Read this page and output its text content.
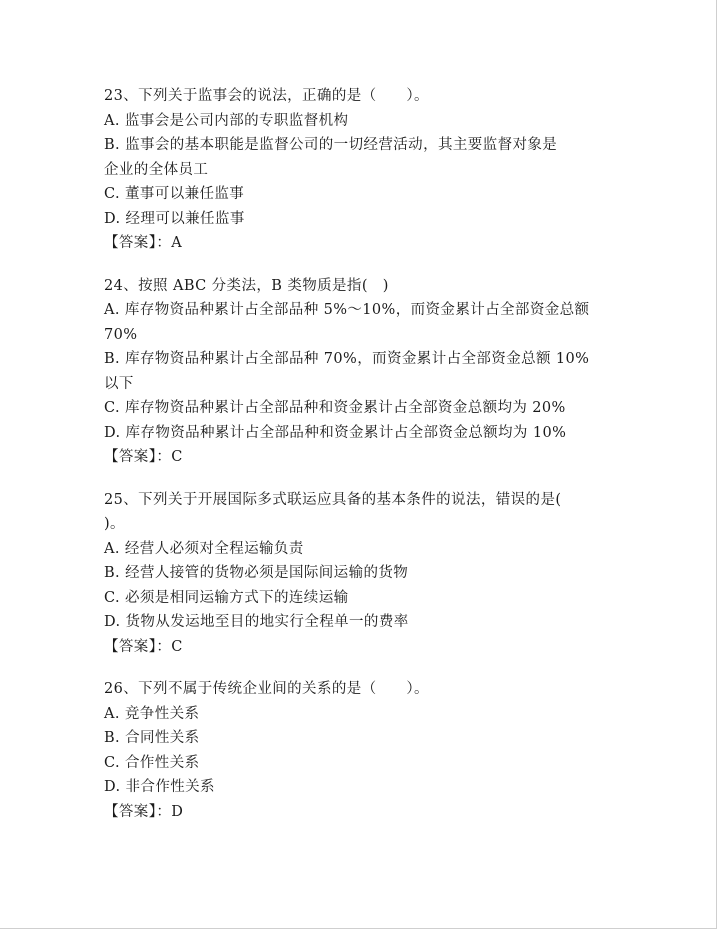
23、下列关于监事会的说法，正确的是（　　）。
A. 监事会是公司内部的专职监督机构
B. 监事会的基本职能是监督公司的一切经营活动，其主要监督对象是
企业的全体员工
C. 董事可以兼任监事
D. 经理可以兼任监事
【答案】：A
24、按照 ABC 分类法，B 类物质是指(　)
A. 库存物资品种累计占全部品种 5%～10%，而资金累计占全部资金总额
70%
B. 库存物资品种累计占全部品种 70%，而资金累计占全部资金总额 10%
以下
C. 库存物资品种累计占全部品种和资金累计占全部资金总额均为 20%
D. 库存物资品种累计占全部品种和资金累计占全部资金总额均为 10%
【答案】：C
25、下列关于开展国际多式联运应具备的基本条件的说法，错误的是(
)。
A. 经营人必须对全程运输负责
B. 经营人接管的货物必须是国际间运输的货物
C. 必须是相同运输方式下的连续运输
D. 货物从发运地至目的地实行全程单一的费率
【答案】：C
26、下列不属于传统企业间的关系的是（　　）。
A. 竞争性关系
B. 合同性关系
C. 合作性关系
D. 非合作性关系
【答案】：D
